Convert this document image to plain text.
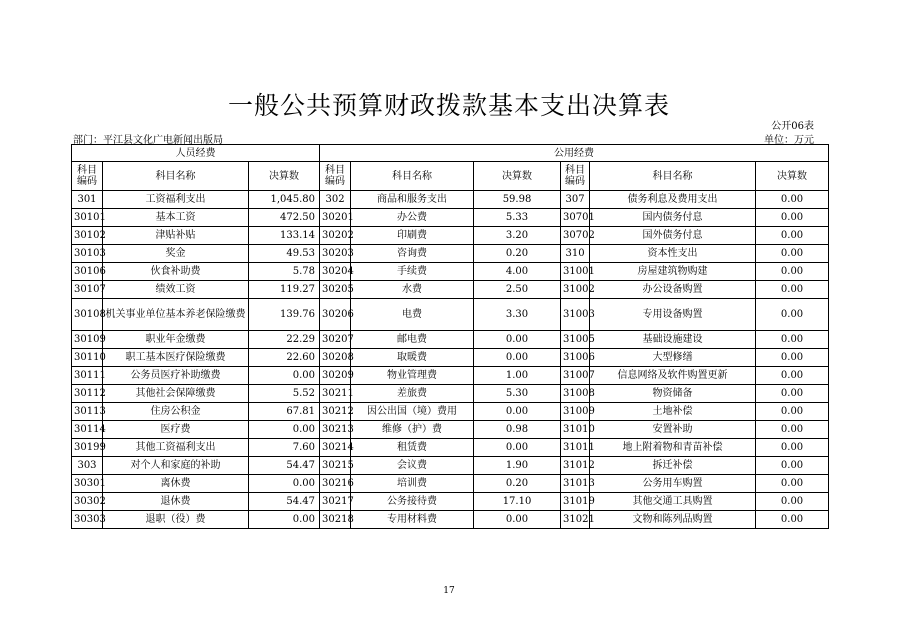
一般公共预算财政拨款基本支出决算表
公开06表
部门：平江县文化广电新闻出版局	单位：万元
人员经费			公用经费					
科目编码	科目名称	决算数	科目编码	科目名称	决算数	科目编码	科目名称	决算数
301	工资福利支出	1,045.80	302	商品和服务支出	59.98	307	债务利息及费用支出	0.00
30101	基本工资	472.50	30201	办公费	5.33	30701	国内债务付息	0.00
30102	津贴补贴	133.14	30202	印刷费	3.20	30702	国外债务付息	0.00
30103	奖金	49.53	30203	咨询费	0.20	310	资本性支出	0.00
30106	伙食补助费	5.78	30204	手续费	4.00	31001	房屋建筑物购建	0.00
30107	绩效工资	119.27	30205	水费	2.50	31002	办公设备购置	0.00
30108	机关事业单位基本养老保险缴费	139.76	30206	电费	3.30	31003	专用设备购置	0.00
30109	职业年金缴费	22.29	30207	邮电费	0.00	31005	基础设施建设	0.00
30110	职工基本医疗保险缴费	22.60	30208	取暖费	0.00	31006	大型修缮	0.00
30111	公务员医疗补助缴费	0.00	30209	物业管理费	1.00	31007	信息网络及软件购置更新	0.00
30112	其他社会保障缴费	5.52	30211	差旅费	5.30	31008	物资储备	0.00
30113	住房公积金	67.81	30212	因公出国（境）费用	0.00	31009	土地补偿	0.00
30114	医疗费	0.00	30213	维修（护）费	0.98	31010	安置补助	0.00
30199	其他工资福利支出	7.60	30214	租赁费	0.00	31011	地上附着物和青苗补偿	0.00
303	对个人和家庭的补助	54.47	30215	会议费	1.90	31012	拆迁补偿	0.00
30301	离休费	0.00	30216	培训费	0.20	31013	公务用车购置	0.00
30302	退休费	54.47	30217	公务接待费	17.10	31019	其他交通工具购置	0.00
30303	退职（役）费	0.00	30218	专用材料费	0.00	31021	文物和陈列品购置	0.00
17
